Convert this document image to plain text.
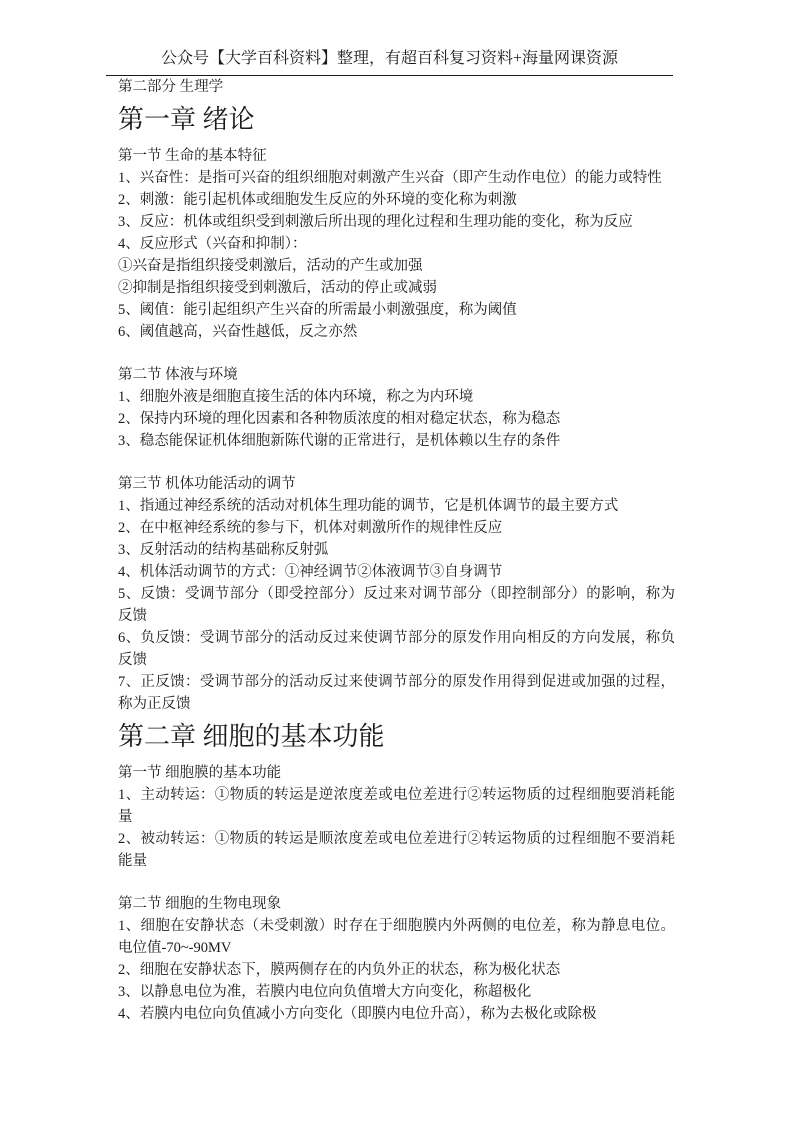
公众号【大学百科资料】整理，有超百科复习资料+海量网课资源

第二部分 生理学

第一章 绪论

第一节 生命的基本特征

1、兴奋性：是指可兴奋的组织细胞对刺激产生兴奋（即产生动作电位）的能力或特性

2、刺激：能引起机体或细胞发生反应的外环境的变化称为刺激

3、反应：机体或组织受到刺激后所出现的理化过程和生理功能的变化，称为反应

4、反应形式（兴奋和抑制）：

①兴奋是指组织接受刺激后，活动的产生或加强

②抑制是指组织接受到刺激后，活动的停止或减弱

5、阈值：能引起组织产生兴奋的所需最小刺激强度，称为阈值

6、阈值越高，兴奋性越低，反之亦然

第二节 体液与环境

1、细胞外液是细胞直接生活的体内环境，称之为内环境

2、保持内环境的理化因素和各种物质浓度的相对稳定状态，称为稳态

3、稳态能保证机体细胞新陈代谢的正常进行，是机体赖以生存的条件

第三节 机体功能活动的调节

1、指通过神经系统的活动对机体生理功能的调节，它是机体调节的最主要方式

2、在中枢神经系统的参与下，机体对刺激所作的规律性反应

3、反射活动的结构基础称反射弧

4、机体活动调节的方式：①神经调节②体液调节③自身调节

5、反馈：受调节部分（即受控部分）反过来对调节部分（即控制部分）的影响，称为反馈

6、负反馈：受调节部分的活动反过来使调节部分的原发作用向相反的方向发展，称负反馈

7、正反馈：受调节部分的活动反过来使调节部分的原发作用得到促进或加强的过程，称为正反馈

第二章 细胞的基本功能

第一节 细胞膜的基本功能

1、主动转运：①物质的转运是逆浓度差或电位差进行②转运物质的过程细胞要消耗能量

2、被动转运：①物质的转运是顺浓度差或电位差进行②转运物质的过程细胞不要消耗能量

第二节 细胞的生物电现象

1、细胞在安静状态（未受刺激）时存在于细胞膜内外两侧的电位差，称为静息电位。电位值-70~-90MV

2、细胞在安静状态下，膜两侧存在的内负外正的状态，称为极化状态

3、以静息电位为准，若膜内电位向负值增大方向变化，称超极化

4、若膜内电位向负值减小方向变化（即膜内电位升高），称为去极化或除极
